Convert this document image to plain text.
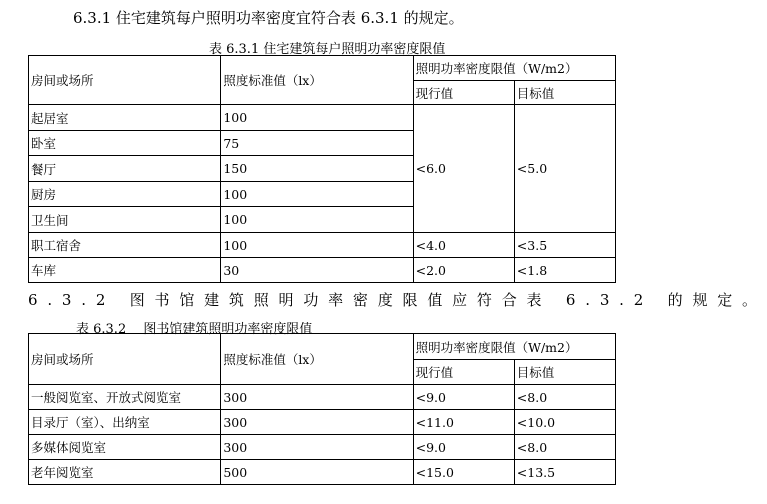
6.3.1 住宅建筑每户照明功率密度宜符合表 6.3.1 的规定。
表 6.3.1 住宅建筑每户照明功率密度限值
房间或场所	照度标准值（lx）	照明功率密度限值（W/m2）	
		现行值	目标值
起居室	100	<6.0	<5.0
卧室	75		
餐厅	150		
厨房	100		
卫生间	100		
职工宿舍	100	<4.0	<3.5
车库	30	<2.0	<1.8
6.3.2 图书馆建筑照明功率密度限值应符合表 6.3.2 的规定。
表 6.3.2　 图书馆建筑照明功率密度限值
房间或场所	照度标准值（lx）	照明功率密度限值（W/m2）	
		现行值	目标值
一般阅览室、开放式阅览室	300	<9.0	<8.0
目录厅（室）、出纳室	300	<11.0	<10.0
多媒体阅览室	300	<9.0	<8.0
老年阅览室	500	<15.0	<13.5
